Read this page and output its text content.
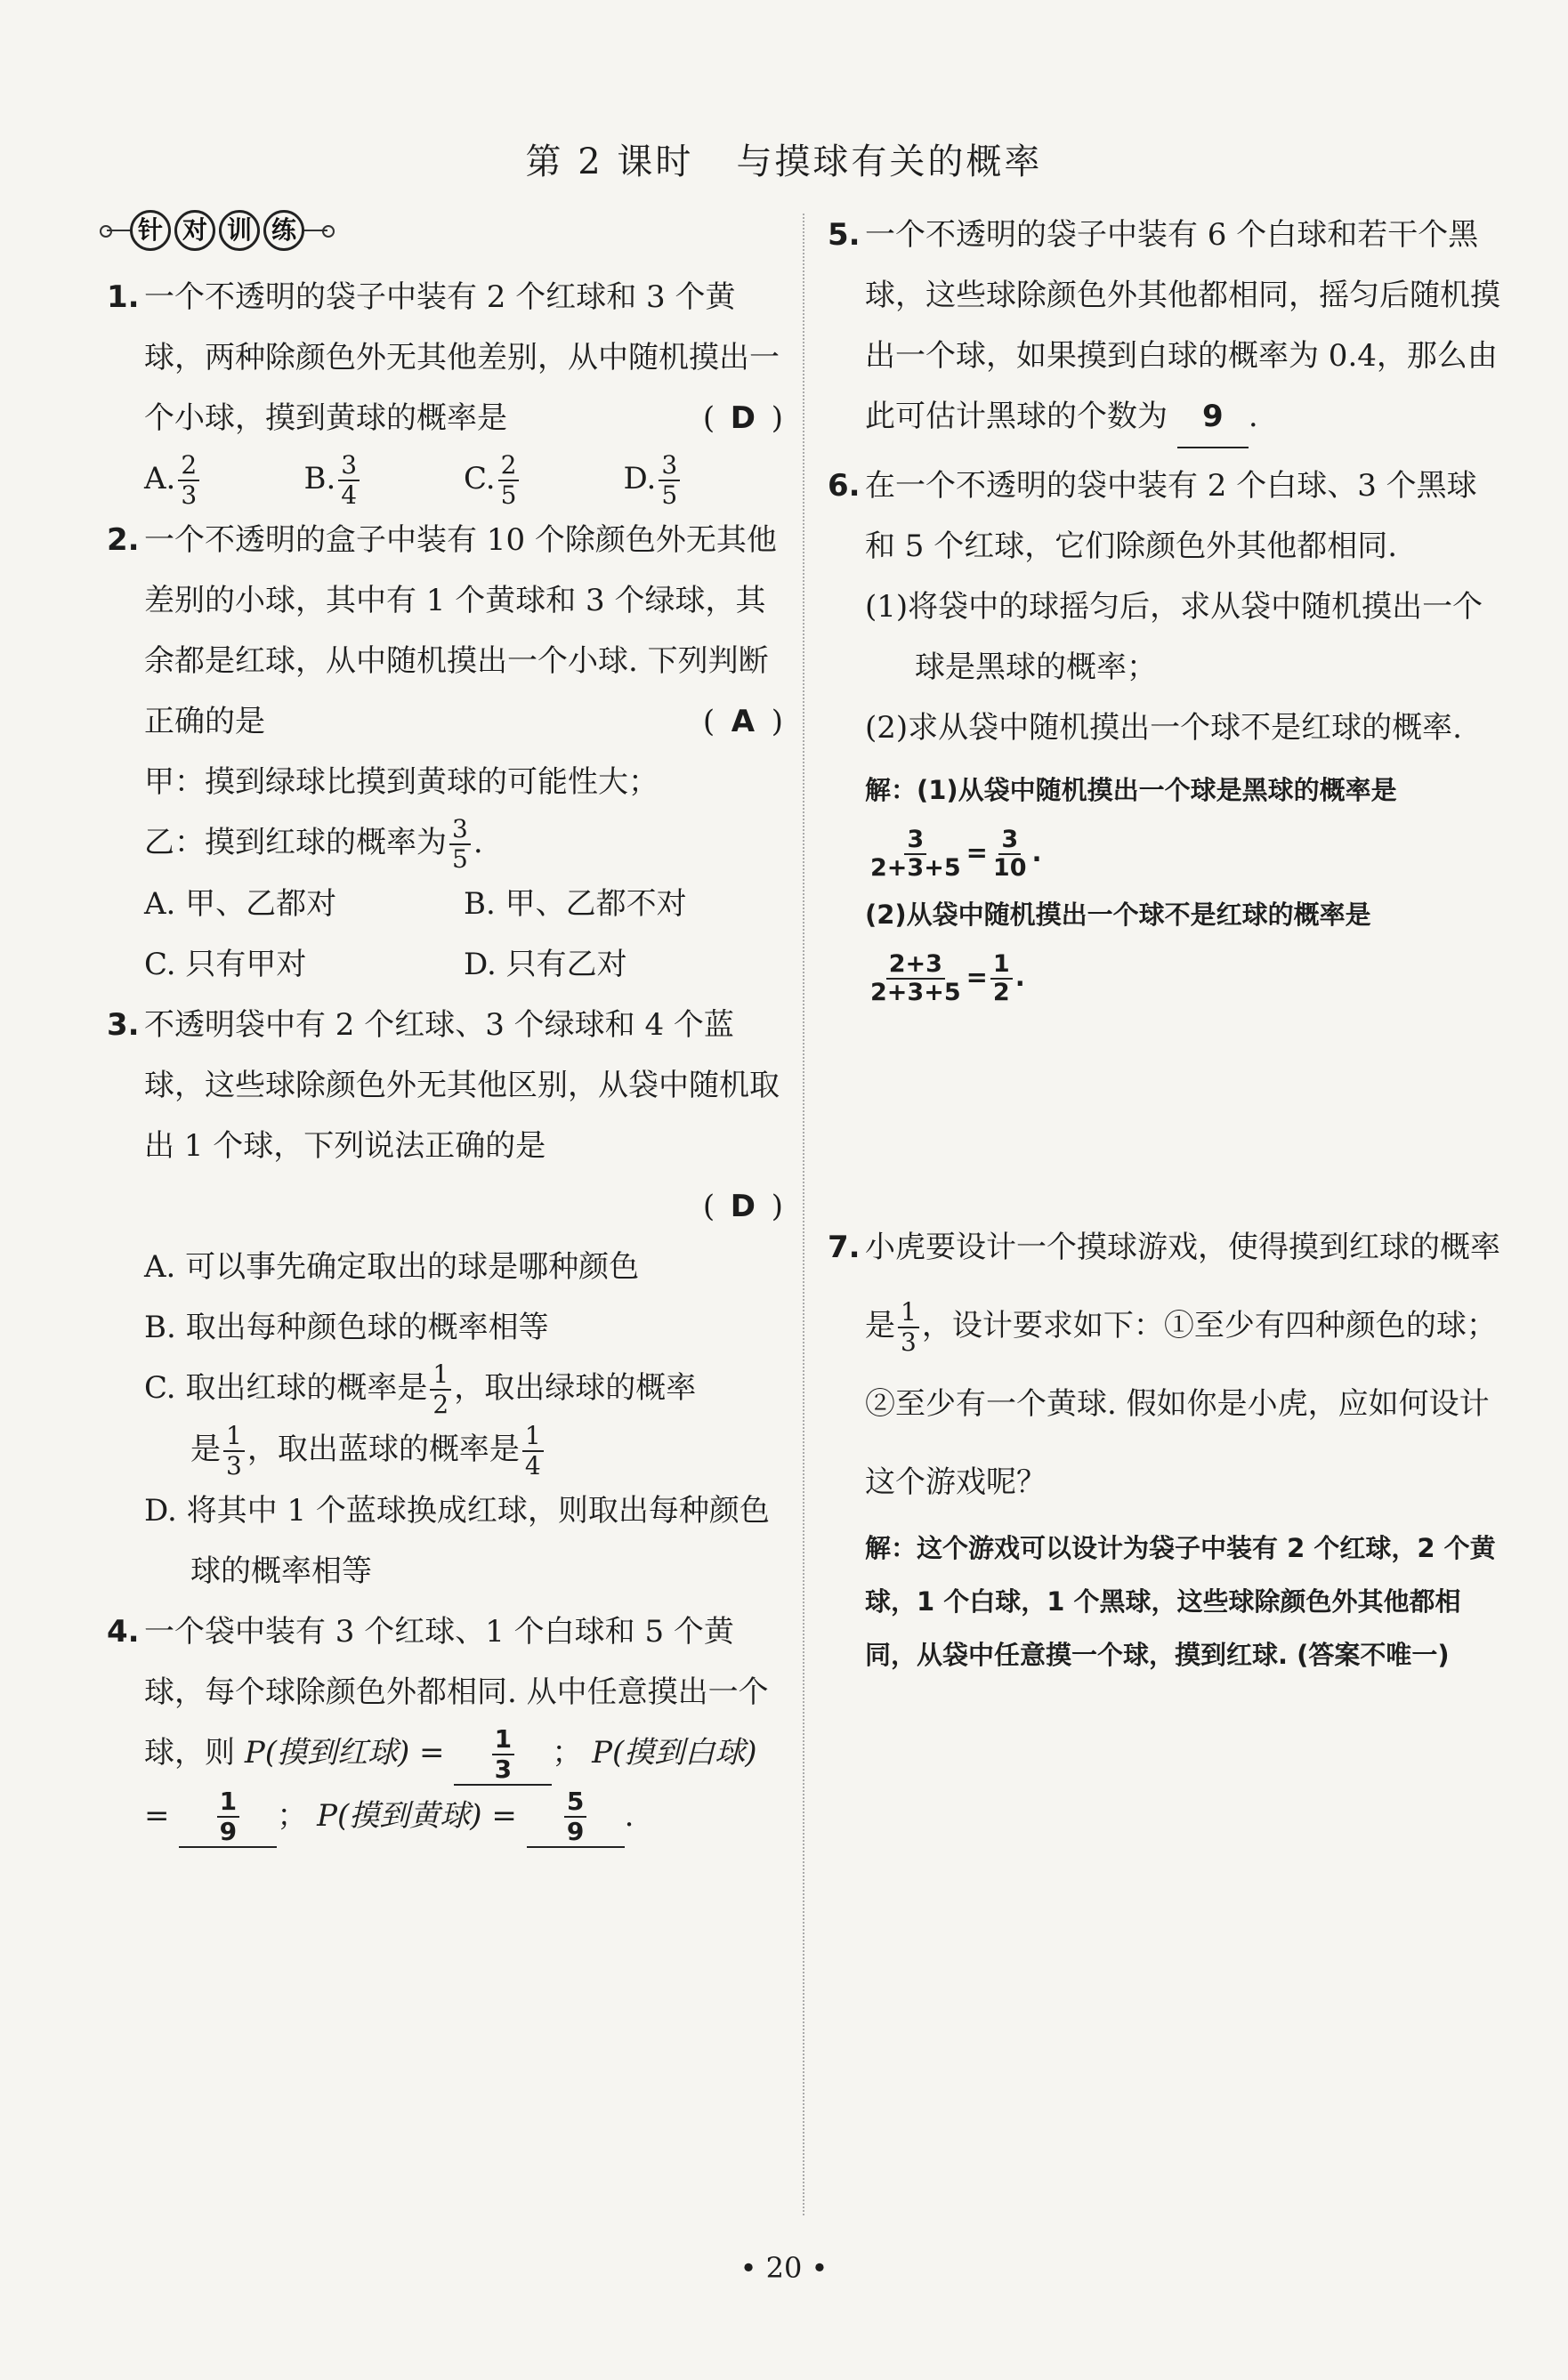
第 2 课时 与摸球有关的概率
针 对 训 练
1. 一个不透明的袋子中装有 2 个红球和 3 个黄球，两种除颜色外无其他差别，从中随机摸出一个小球，摸到黄球的概率是	( D )
A. $\frac{2}{3}$	B. $\frac{3}{4}$	C. $\frac{2}{5}$	D. $\frac{3}{5}$
2. 一个不透明的盒子中装有 10 个除颜色外无其他差别的小球，其中有 1 个黄球和 3 个绿球，其余都是红球，从中随机摸出一个小球. 下列判断正确的是	( A )
甲：摸到绿球比摸到黄球的可能性大；
乙：摸到红球的概率为 $\frac{3}{5}$ .
A. 甲、乙都对	B. 甲、乙都不对
C. 只有甲对	D. 只有乙对
3. 不透明袋中有 2 个红球、3 个绿球和 4 个蓝球，这些球除颜色外无其他区别，从袋中随机取出 1 个球，下列说法正确的是
( D )
A. 可以事先确定取出的球是哪种颜色
B. 取出每种颜色球的概率相等
C. 取出红球的概率是 $\frac{1}{2}$ ，取出绿球的概率
是 $\frac{1}{3}$ ，取出蓝球的概率是 $\frac{1}{4}$
D. 将其中 1 个蓝球换成红球，则取出每种颜色球的概率相等
4. 一个袋中装有 3 个红球、1 个白球和 5 个黄球，每个球除颜色外都相同. 从中任意摸出一个球，则 P(摸到红球) = $\frac{1}{3}$ ； P(摸到白球) = $\frac{1}{9}$ ； P(摸到黄球) = $\frac{5}{9}$ .
5. 一个不透明的袋子中装有 6 个白球和若干个黑球，这些球除颜色外其他都相同，摇匀后随机摸出一个球，如果摸到白球的概率为 0.4，那么由此可估计黑球的个数为 9 .
6. 在一个不透明的袋中装有 2 个白球、3 个黑球和 5 个红球，它们除颜色外其他都相同.
(1)将袋中的球摇匀后，求从袋中随机摸出一个球是黑球的概率；
(2)求从袋中随机摸出一个球不是红球的概率.
解：(1)从袋中随机摸出一个球是黑球的概率是
$\frac{3}{2+3+5} = \frac{3}{10}$ .
(2)从袋中随机摸出一个球不是红球的概率是
$\frac{2+3}{2+3+5} = \frac{1}{2}$ .
7. 小虎要设计一个摸球游戏，使得摸到红球的概率是 $\frac{1}{3}$ ，设计要求如下：①至少有四种颜色的球；②至少有一个黄球. 假如你是小虎，应如何设计这个游戏呢？
解：这个游戏可以设计为袋子中装有 2 个红球，2 个黄球，1 个白球，1 个黑球，这些球除颜色外其他都相同，从袋中任意摸一个球，摸到红球. (答案不唯一)
• 20 •
